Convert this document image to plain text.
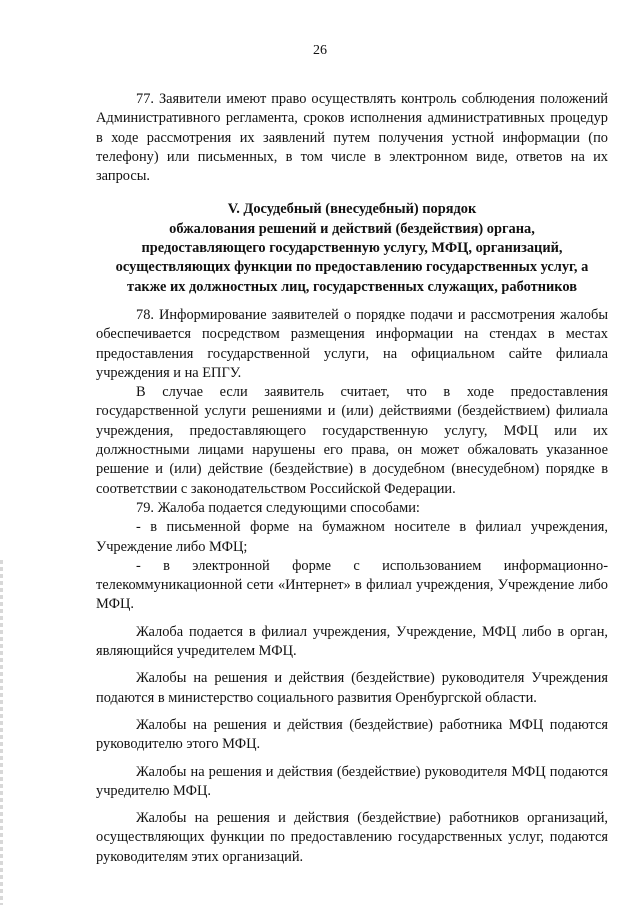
26

77. Заявители имеют право осуществлять контроль соблюдения положений Административного регламента, сроков исполнения административных процедур в ходе рассмотрения их заявлений путем получения устной информации (по телефону) или письменных, в том числе в электронном виде, ответов на их запросы.

V. Досудебный (внесудебный) порядок
обжалования решений и действий (бездействия) органа,
предоставляющего государственную услугу, МФЦ, организаций,
осуществляющих функции по предоставлению государственных услуг, а
также их должностных лиц, государственных служащих, работников

78. Информирование заявителей о порядке подачи и рассмотрения жалобы обеспечивается посредством размещения информации на стендах в местах предоставления государственной услуги, на официальном сайте филиала учреждения и на ЕПГУ.

В случае если заявитель считает, что в ходе предоставления государственной услуги решениями и (или) действиями (бездействием) филиала учреждения, предоставляющего государственную услугу, МФЦ или их должностными лицами нарушены его права, он может обжаловать указанное решение и (или) действие (бездействие) в досудебном (внесудебном) порядке в соответствии с законодательством Российской Федерации.

79. Жалоба подается следующими способами:

- в письменной форме на бумажном носителе в филиал учреждения, Учреждение либо МФЦ;

- в электронной форме с использованием информационно-телекоммуникационной сети «Интернет» в филиал учреждения, Учреждение либо МФЦ.

Жалоба подается в филиал учреждения, Учреждение, МФЦ либо в орган, являющийся учредителем МФЦ.

Жалобы на решения и действия (бездействие) руководителя Учреждения подаются в министерство социального развития Оренбургской области.

Жалобы на решения и действия (бездействие) работника МФЦ подаются руководителю этого МФЦ.

Жалобы на решения и действия (бездействие) руководителя МФЦ подаются учредителю МФЦ.

Жалобы на решения и действия (бездействие) работников организаций, осуществляющих функции по предоставлению государственных услуг, подаются руководителям этих организаций.
